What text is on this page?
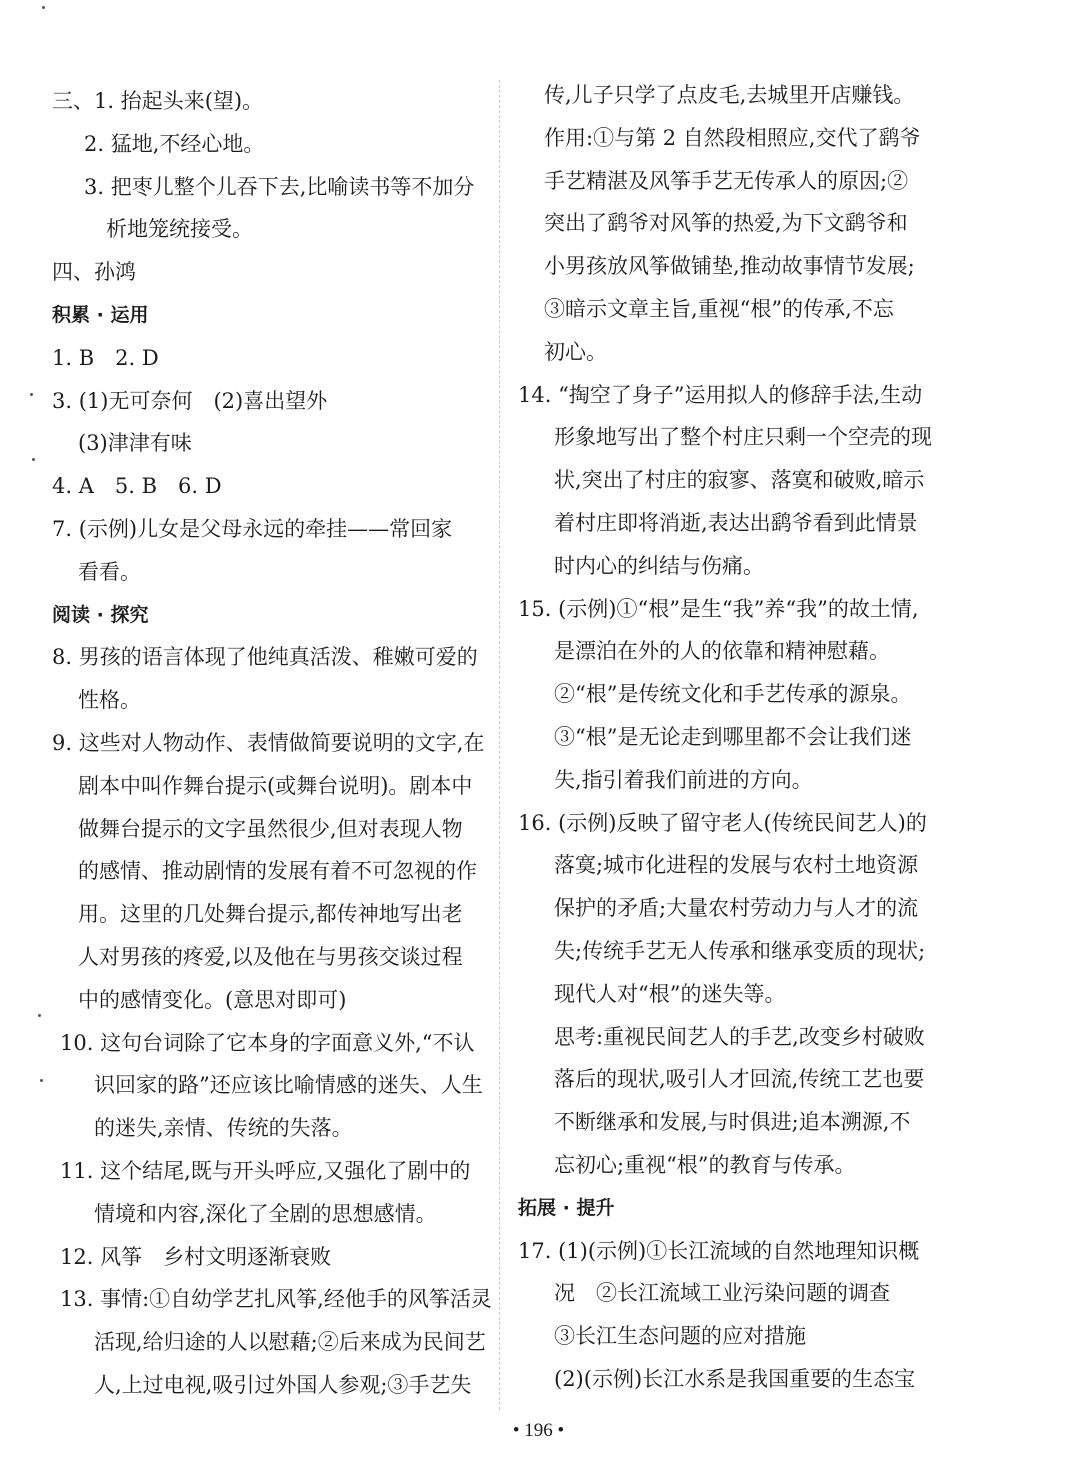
三、1. 抬起头来(望)。
2. 猛地,不经心地。
3. 把枣儿整个儿吞下去,比喻读书等不加分
析地笼统接受。
四、孙鸿
积累 · 运用
1. B　2. D
3. (1)无可奈何　(2)喜出望外
(3)津津有味
4. A　5. B　6. D
7. (示例)儿女是父母永远的牵挂——常回家
看看。
阅读 · 探究
8. 男孩的语言体现了他纯真活泼、稚嫩可爱的
性格。
9. 这些对人物动作、表情做简要说明的文字,在
剧本中叫作舞台提示(或舞台说明)。剧本中
做舞台提示的文字虽然很少,但对表现人物
的感情、推动剧情的发展有着不可忽视的作
用。这里的几处舞台提示,都传神地写出老
人对男孩的疼爱,以及他在与男孩交谈过程
中的感情变化。(意思对即可)
10. 这句台词除了它本身的字面意义外,“不认
识回家的路”还应该比喻情感的迷失、人生
的迷失,亲情、传统的失落。
11. 这个结尾,既与开头呼应,又强化了剧中的
情境和内容,深化了全剧的思想感情。
12. 风筝　乡村文明逐渐衰败
13. 事情:①自幼学艺扎风筝,经他手的风筝活灵
活现,给归途的人以慰藉;②后来成为民间艺
人,上过电视,吸引过外国人参观;③手艺失
传,儿子只学了点皮毛,去城里开店赚钱。
作用:①与第 2 自然段相照应,交代了鹞爷
手艺精湛及风筝手艺无传承人的原因;②
突出了鹞爷对风筝的热爱,为下文鹞爷和
小男孩放风筝做铺垫,推动故事情节发展;
③暗示文章主旨,重视“根”的传承,不忘
初心。
14. “掏空了身子”运用拟人的修辞手法,生动
形象地写出了整个村庄只剩一个空壳的现
状,突出了村庄的寂寥、落寞和破败,暗示
着村庄即将消逝,表达出鹞爷看到此情景
时内心的纠结与伤痛。
15. (示例)①“根”是生“我”养“我”的故土情,
是漂泊在外的人的依靠和精神慰藉。
②“根”是传统文化和手艺传承的源泉。
③“根”是无论走到哪里都不会让我们迷
失,指引着我们前进的方向。
16. (示例)反映了留守老人(传统民间艺人)的
落寞;城市化进程的发展与农村土地资源
保护的矛盾;大量农村劳动力与人才的流
失;传统手艺无人传承和继承变质的现状;
现代人对“根”的迷失等。
思考:重视民间艺人的手艺,改变乡村破败
落后的现状,吸引人才回流,传统工艺也要
不断继承和发展,与时俱进;追本溯源,不
忘初心;重视“根”的教育与传承。
拓展 · 提升
17. (1)(示例)①长江流域的自然地理知识概
况　②长江流域工业污染问题的调查
③长江生态问题的应对措施
(2)(示例)长江水系是我国重要的生态宝
• 196 •
